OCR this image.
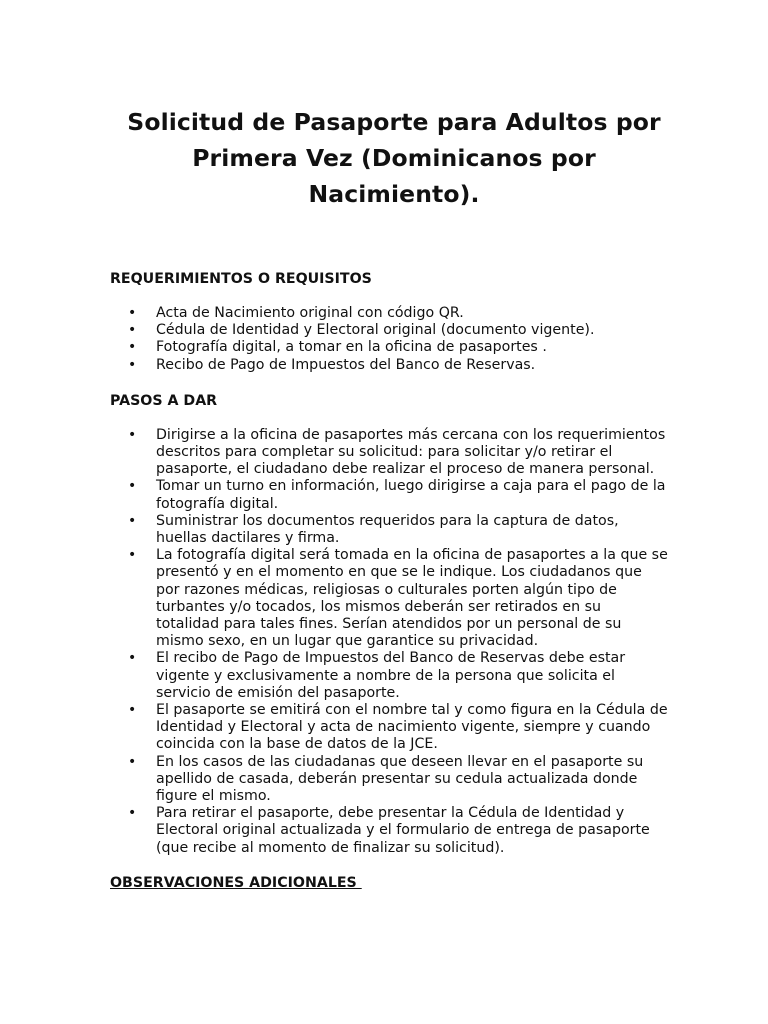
Solicitud de Pasaporte para Adultos por Primera Vez (Dominicanos por Nacimiento).
REQUERIMIENTOS O REQUISITOS
• Acta de Nacimiento original con código QR.
• Cédula de Identidad y Electoral original (documento vigente).
• Fotografía digital, a tomar en la oficina de pasaportes .
• Recibo de Pago de Impuestos del Banco de Reservas.
PASOS A DAR
• Dirigirse a la oficina de pasaportes más cercana con los requerimientos descritos para completar su solicitud: para solicitar y/o retirar el pasaporte, el ciudadano debe realizar el proceso de manera personal.
• Tomar un turno en información, luego dirigirse a caja para el pago de la fotografía digital.
• Suministrar los documentos requeridos para la captura de datos, huellas dactilares y firma.
• La fotografía digital será tomada en la oficina de pasaportes a la que se presentó y en el momento en que se le indique. Los ciudadanos que por razones médicas, religiosas o culturales porten algún tipo de turbantes y/o tocados, los mismos deberán ser retirados en su totalidad para tales fines. Serían atendidos por un personal de su mismo sexo, en un lugar que garantice su privacidad.
• El recibo de Pago de Impuestos del Banco de Reservas debe estar vigente y exclusivamente a nombre de la persona que solicita el servicio de emisión del pasaporte.
• El pasaporte se emitirá con el nombre tal y como figura en la Cédula de Identidad y Electoral y acta de nacimiento vigente, siempre y cuando coincida con la base de datos de la JCE.
• En los casos de las ciudadanas que deseen llevar en el pasaporte su apellido de casada, deberán presentar su cedula actualizada donde figure el mismo.
• Para retirar el pasaporte, debe presentar la Cédula de Identidad y Electoral original actualizada y el formulario de entrega de pasaporte (que recibe al momento de finalizar su solicitud).
OBSERVACIONES ADICIONALES
